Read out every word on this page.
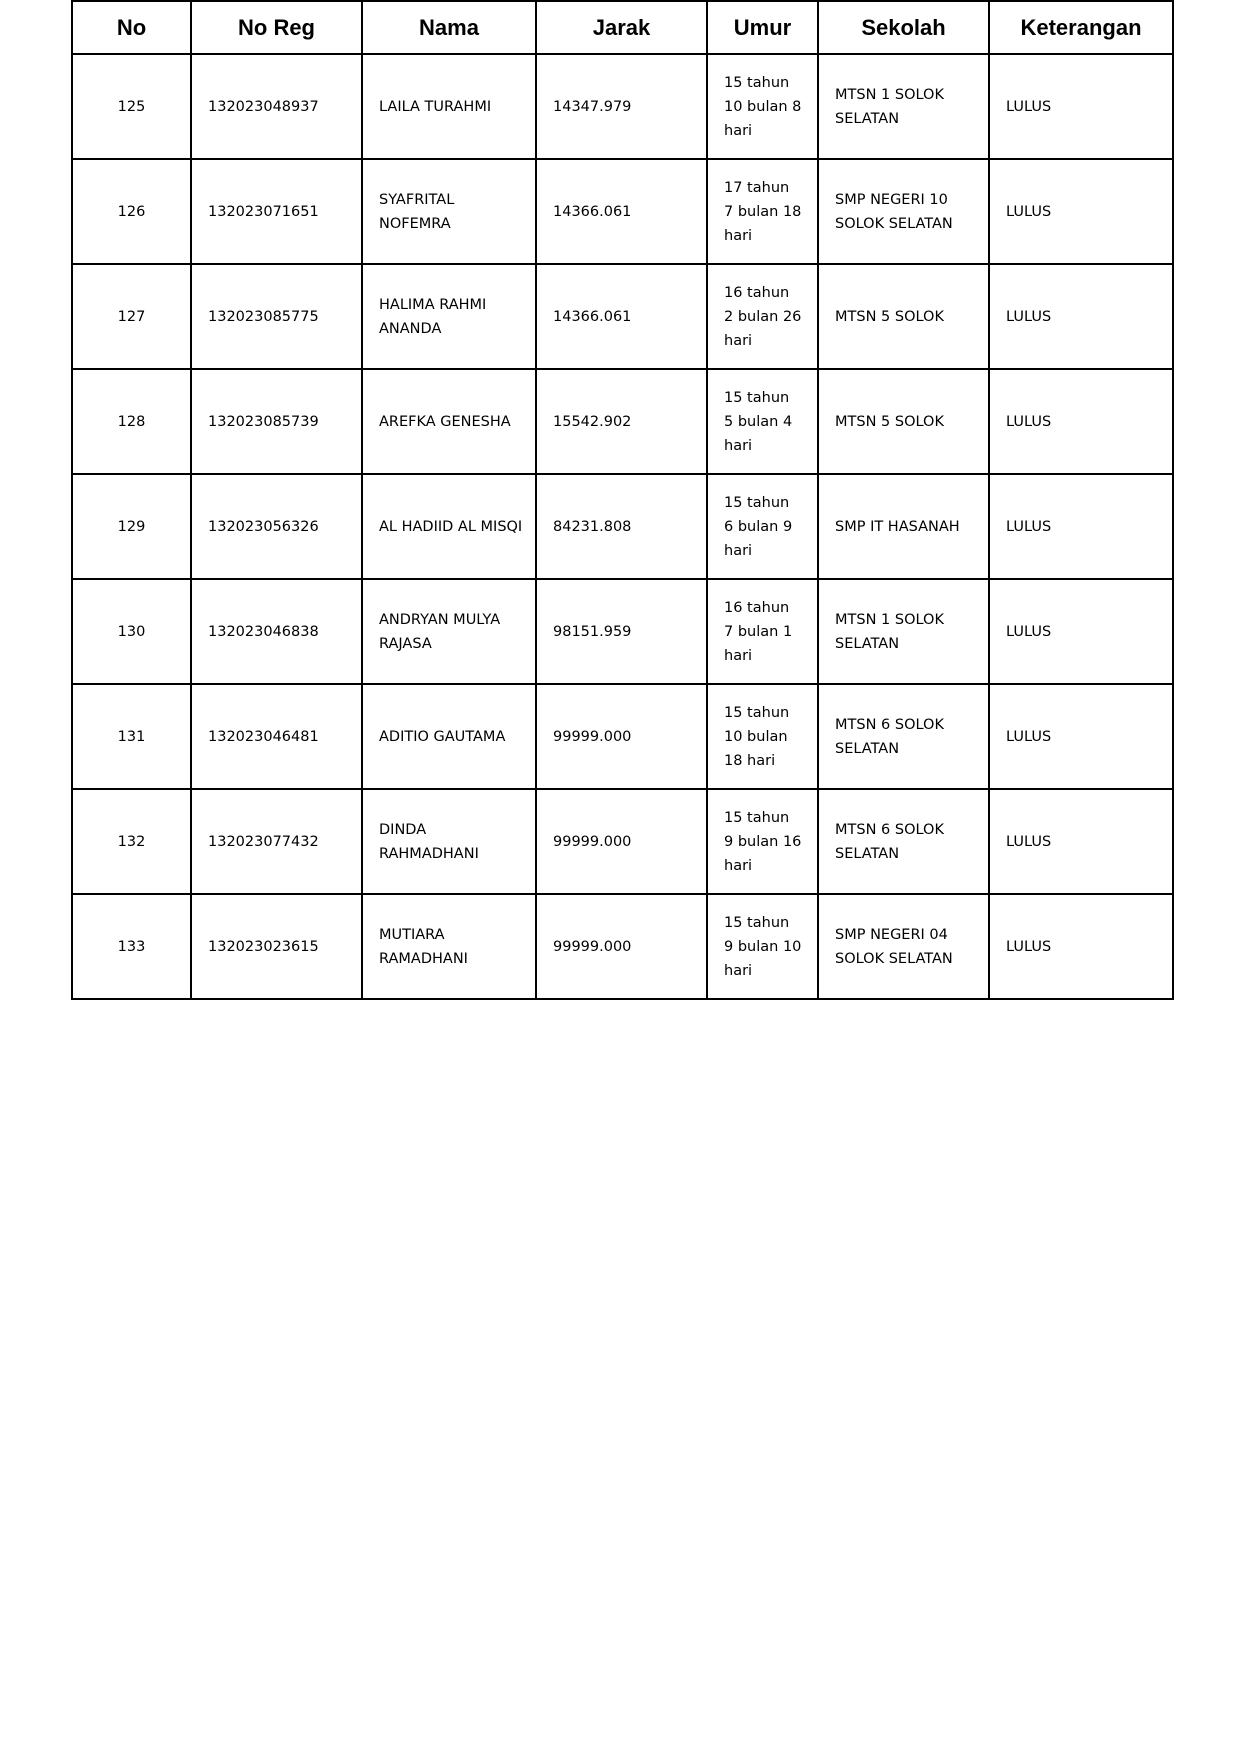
No	No Reg	Nama	Jarak	Umur	Sekolah	Keterangan
125	132023048937	LAILA TURAHMI	14347.979	15 tahun 10 bulan 8 hari	MTSN 1 SOLOK SELATAN	LULUS
126	132023071651	SYAFRITAL NOFEMRA	14366.061	17 tahun 7 bulan 18 hari	SMP NEGERI 10 SOLOK SELATAN	LULUS
127	132023085775	HALIMA RAHMI ANANDA	14366.061	16 tahun 2 bulan 26 hari	MTSN 5 SOLOK	LULUS
128	132023085739	AREFKA GENESHA	15542.902	15 tahun 5 bulan 4 hari	MTSN 5 SOLOK	LULUS
129	132023056326	AL HADIID AL MISQI	84231.808	15 tahun 6 bulan 9 hari	SMP IT HASANAH	LULUS
130	132023046838	ANDRYAN MULYA RAJASA	98151.959	16 tahun 7 bulan 1 hari	MTSN 1 SOLOK SELATAN	LULUS
131	132023046481	ADITIO GAUTAMA	99999.000	15 tahun 10 bulan 18 hari	MTSN 6 SOLOK SELATAN	LULUS
132	132023077432	DINDA RAHMADHANI	99999.000	15 tahun 9 bulan 16 hari	MTSN 6 SOLOK SELATAN	LULUS
133	132023023615	MUTIARA RAMADHANI	99999.000	15 tahun 9 bulan 10 hari	SMP NEGERI 04 SOLOK SELATAN	LULUS
